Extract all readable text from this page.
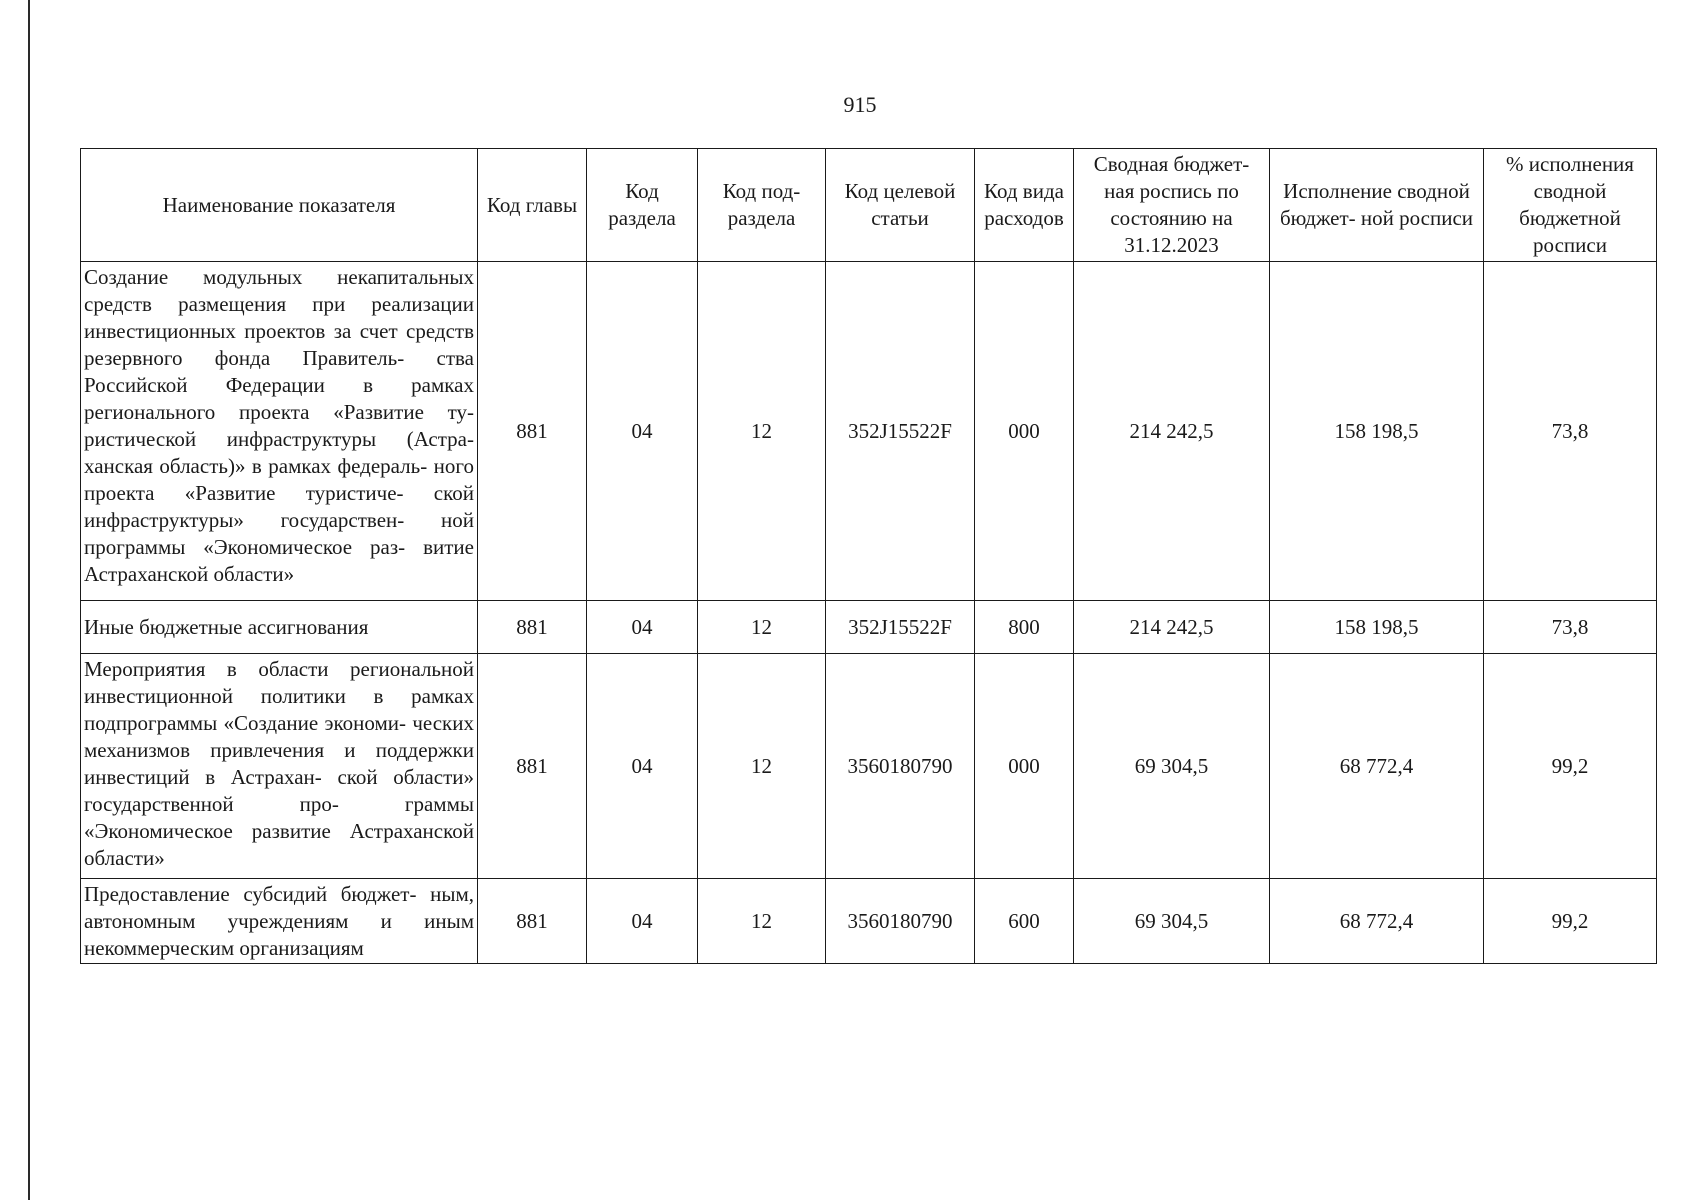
915
Наименование показателя	Код главы	Код раздела	Код под- раздела	Код целевой статьи	Код вида расходов	Сводная бюджет- ная роспись по состоянию на 31.12.2023	Исполнение сводной бюджет- ной росписи	% исполнения сводной бюджетной росписи
Создание модульных некапитальных средств размещения при реализации инвестиционных проектов за счет средств резервного фонда Правитель- ства Российской Федерации в рамках регионального проекта «Развитие ту- ристической инфраструктуры (Астра- ханская область)» в рамках федераль- ного проекта «Развитие туристиче- ской инфраструктуры» государствен- ной программы «Экономическое раз- витие Астраханской области»	881	04	12	352J15522F	000	214 242,5	158 198,5	73,8
Иные бюджетные ассигнования	881	04	12	352J15522F	800	214 242,5	158 198,5	73,8
Мероприятия в области региональной инвестиционной политики в рамках подпрограммы «Создание экономи- ческих механизмов привлечения и поддержки инвестиций в Астрахан- ской области» государственной про- граммы «Экономическое развитие Астраханской области»	881	04	12	3560180790	000	69 304,5	68 772,4	99,2
Предоставление субсидий бюджет- ным, автономным учреждениям и иным некоммерческим организациям	881	04	12	3560180790	600	69 304,5	68 772,4	99,2
